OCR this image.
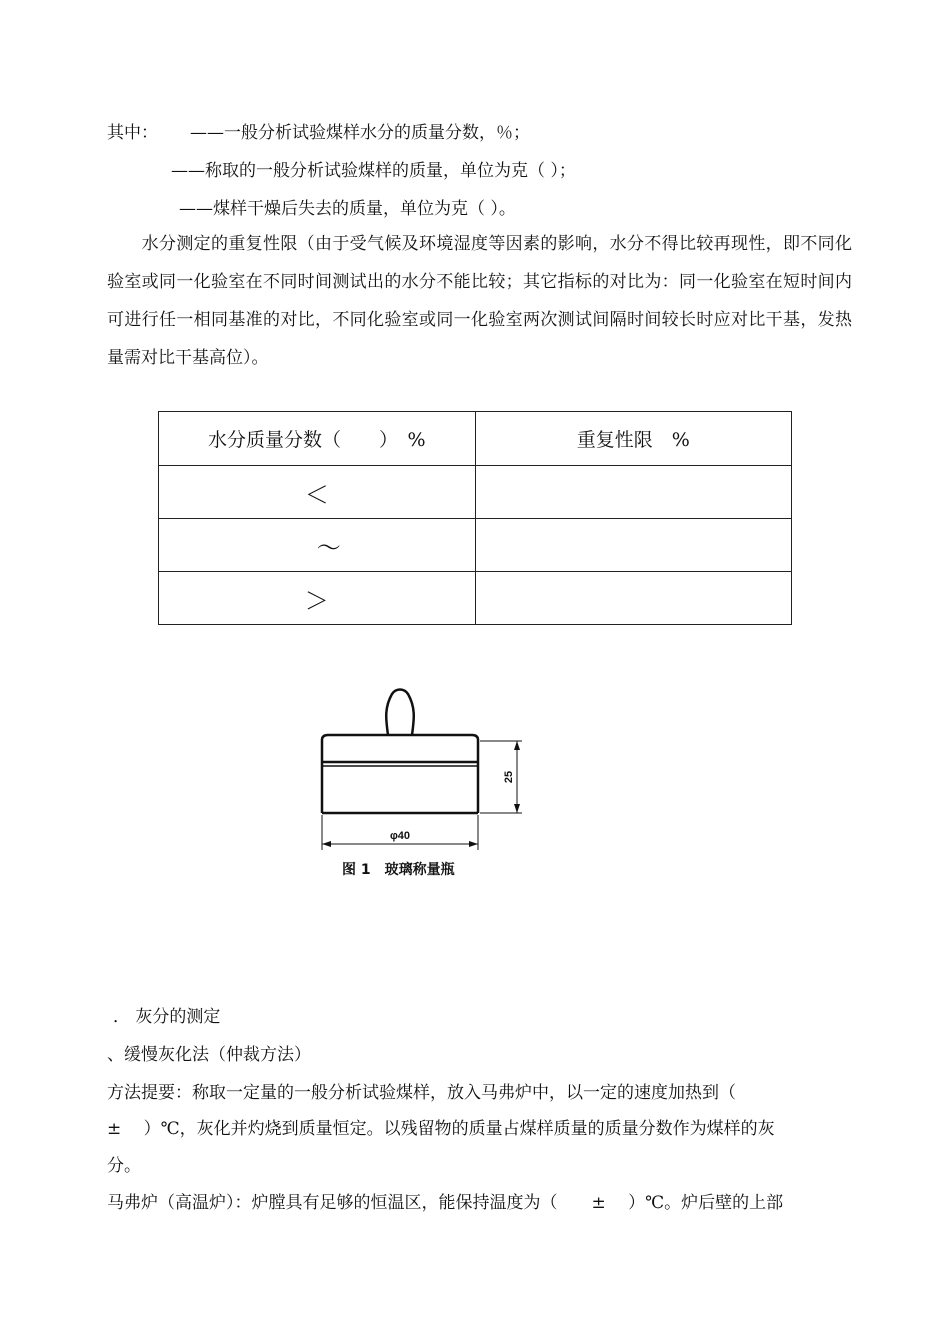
其中： ——一般分析试验煤样水分的质量分数，％；
——称取的一般分析试验煤样的质量，单位为克（ ）；
——煤样干燥后失去的质量，单位为克（ ）。
　　水分测定的重复性限（由于受气候及环境湿度等因素的影响，水分不得比较再现性，即不同化验室或同一化验室在不同时间测试出的水分不能比较；其它指标的对比为：同一化验室在短时间内可进行任一相同基准的对比，不同化验室或同一化验室两次测试间隔时间较长时应对比干基，发热量需对比干基高位）。
水分质量分数（　　）　%	重复性限　%
＜	
　～	
＞	
25
φ40
图 1　玻璃称量瓶
． 灰分的测定
、缓慢灰化法（仲裁方法）
方法提要：称取一定量的一般分析试验煤样，放入马弗炉中，以一定的速度加热到（
±　 ）℃，灰化并灼烧到质量恒定。以残留物的质量占煤样质量的质量分数作为煤样的灰
分。
马弗炉（高温炉）：炉膛具有足够的恒温区，能保持温度为（　　±　 ）℃。炉后壁的上部
